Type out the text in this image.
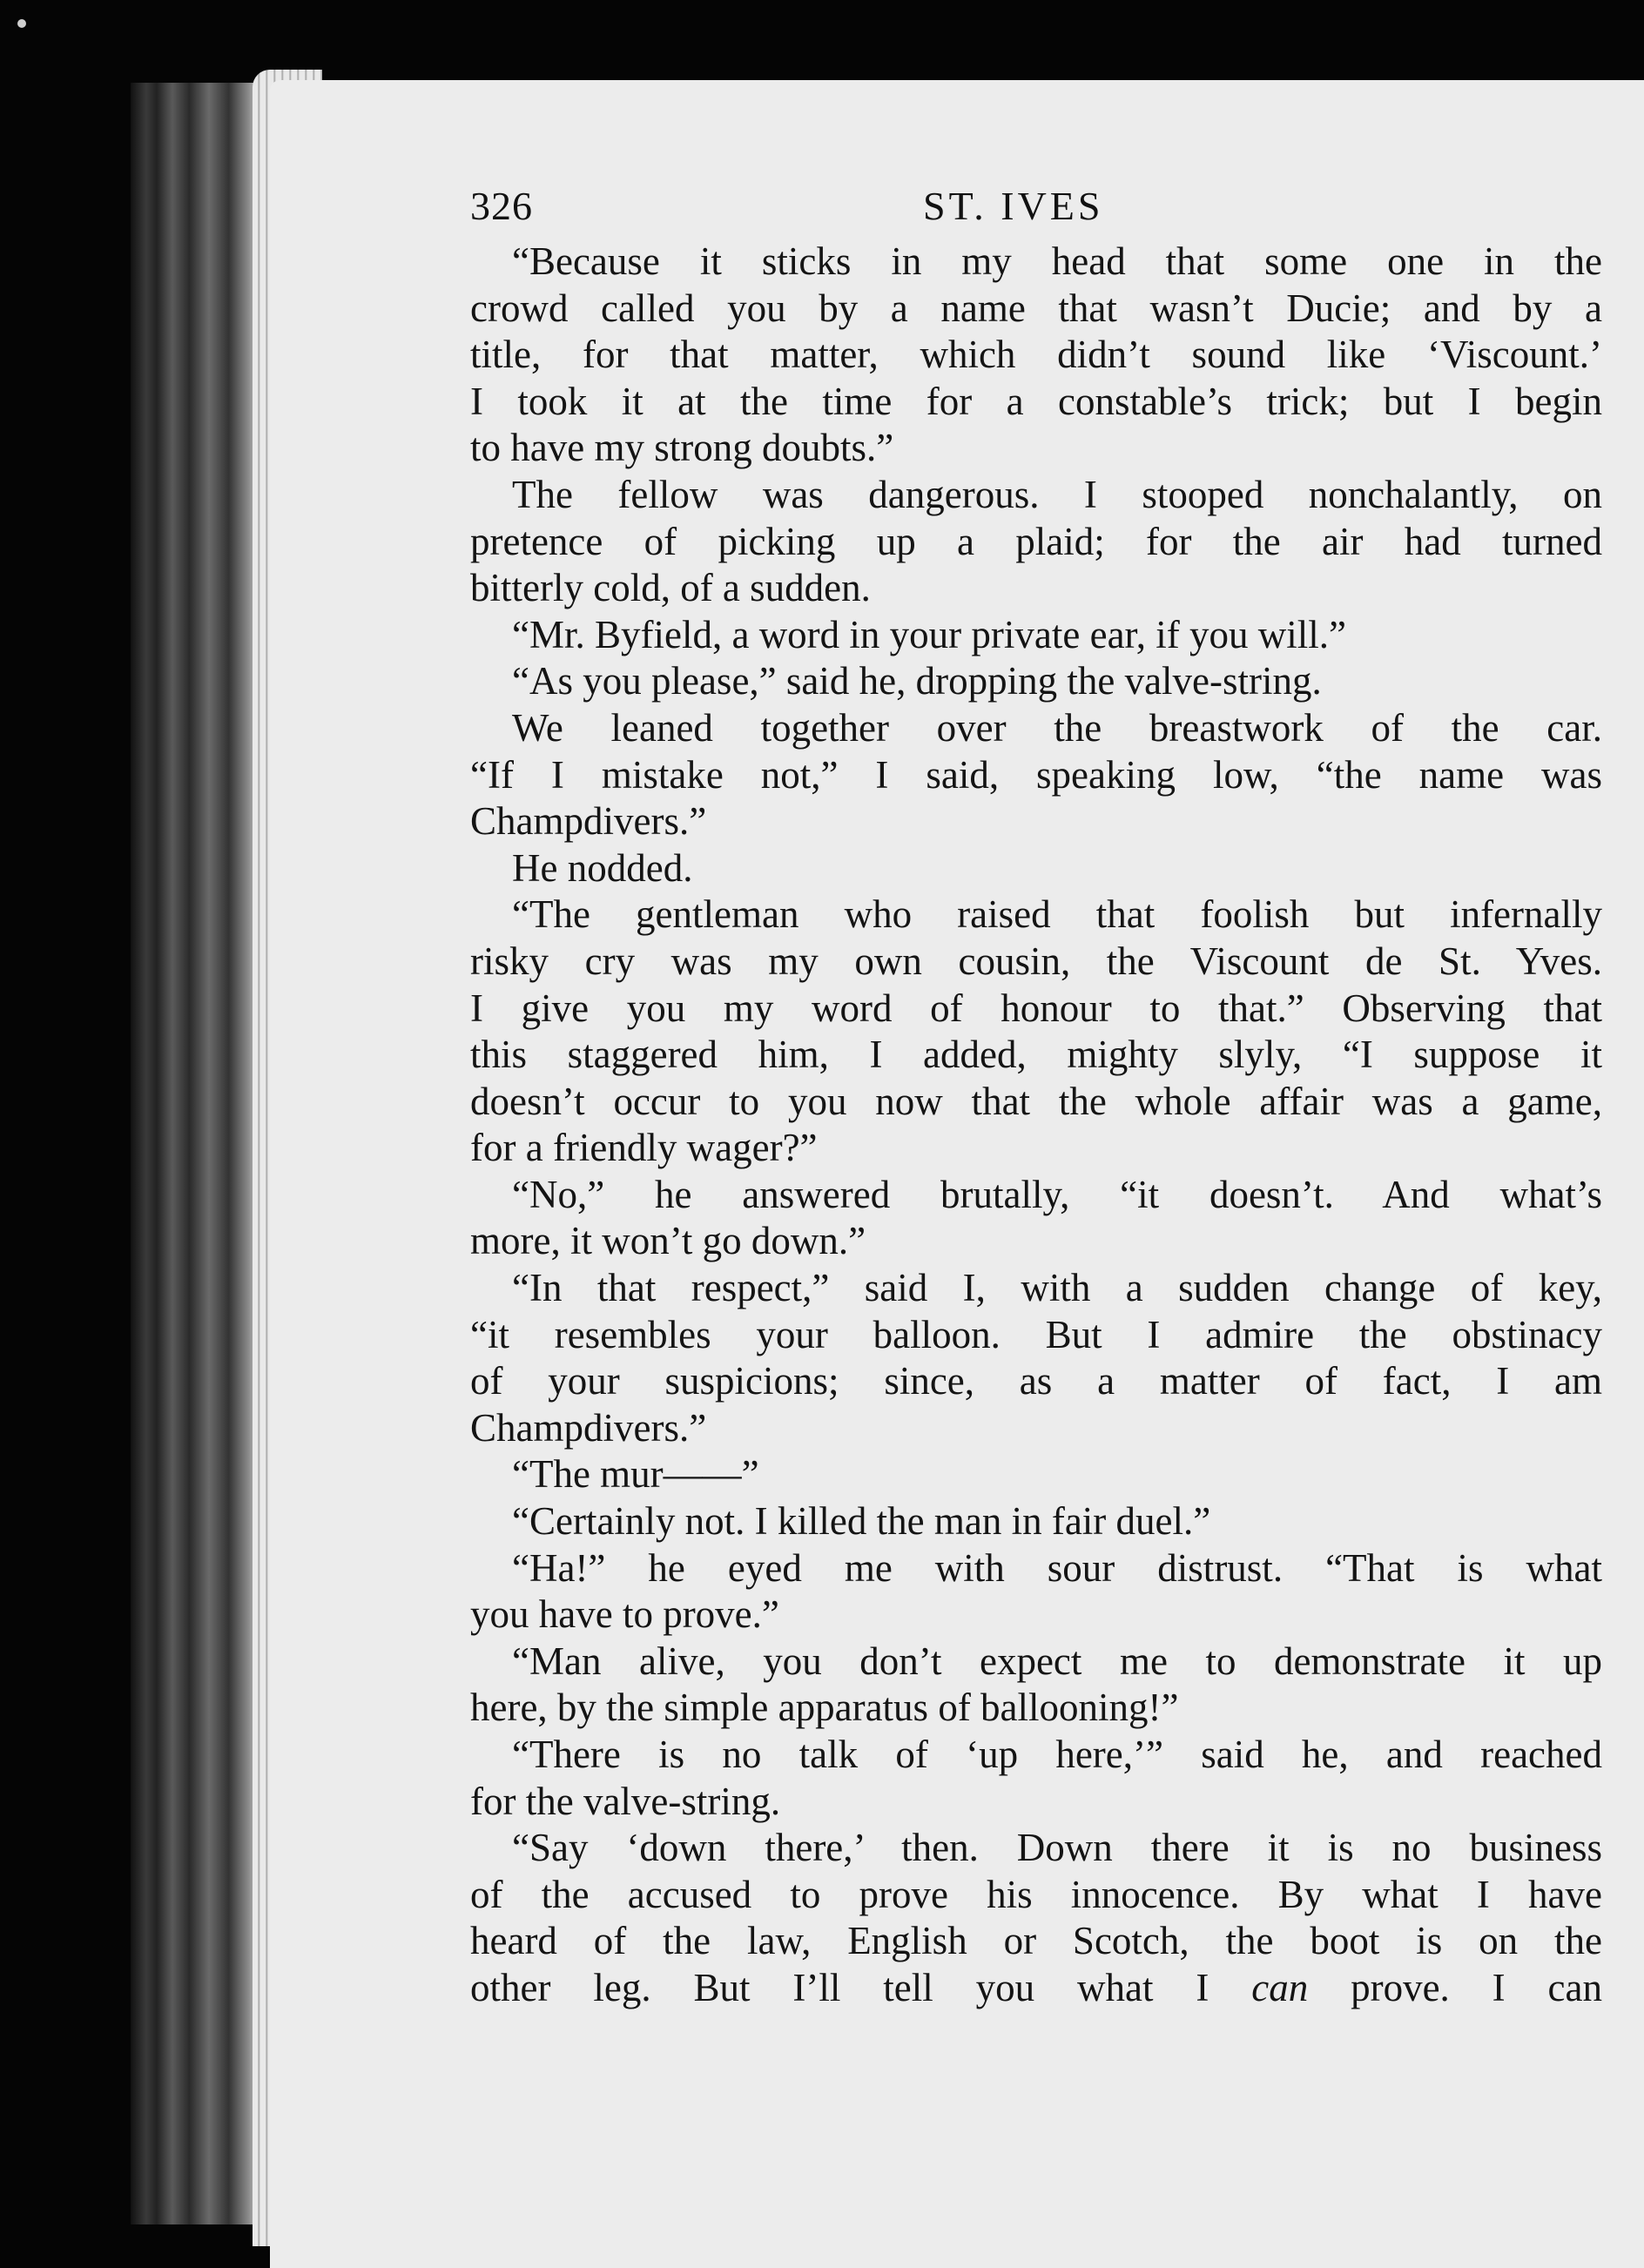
326	ST. IVES
“Because it sticks in my head that some one in the
crowd called you by a name that wasn’t Ducie; and by a
title, for that matter, which didn’t sound like ‘Viscount.’
I took it at the time for a constable’s trick; but I begin
to have my strong doubts.”
The fellow was dangerous. I stooped nonchalantly, on
pretence of picking up a plaid; for the air had turned
bitterly cold, of a sudden.
“Mr. Byfield, a word in your private ear, if you will.”
“As you please,” said he, dropping the valve-string.
We leaned together over the breastwork of the car.
“If I mistake not,” I said, speaking low, “the name was
Champdivers.”
He nodded.
“The gentleman who raised that foolish but infernally
risky cry was my own cousin, the Viscount de St. Yves.
I give you my word of honour to that.” Observing that
this staggered him, I added, mighty slyly, “I suppose it
doesn’t occur to you now that the whole affair was a game,
for a friendly wager?”
“No,” he answered brutally, “it doesn’t. And what’s
more, it won’t go down.”
“In that respect,” said I, with a sudden change of key,
“it resembles your balloon. But I admire the obstinacy
of your suspicions; since, as a matter of fact, I am
Champdivers.”
“The mur——”
“Certainly not. I killed the man in fair duel.”
“Ha!” he eyed me with sour distrust. “That is what
you have to prove.”
“Man alive, you don’t expect me to demonstrate it up
here, by the simple apparatus of ballooning!”
“There is no talk of ‘up here,’” said he, and reached
for the valve-string.
“Say ‘down there,’ then. Down there it is no business
of the accused to prove his innocence. By what I have
heard of the law, English or Scotch, the boot is on the
other leg. But I’ll tell you what I can prove. I can
